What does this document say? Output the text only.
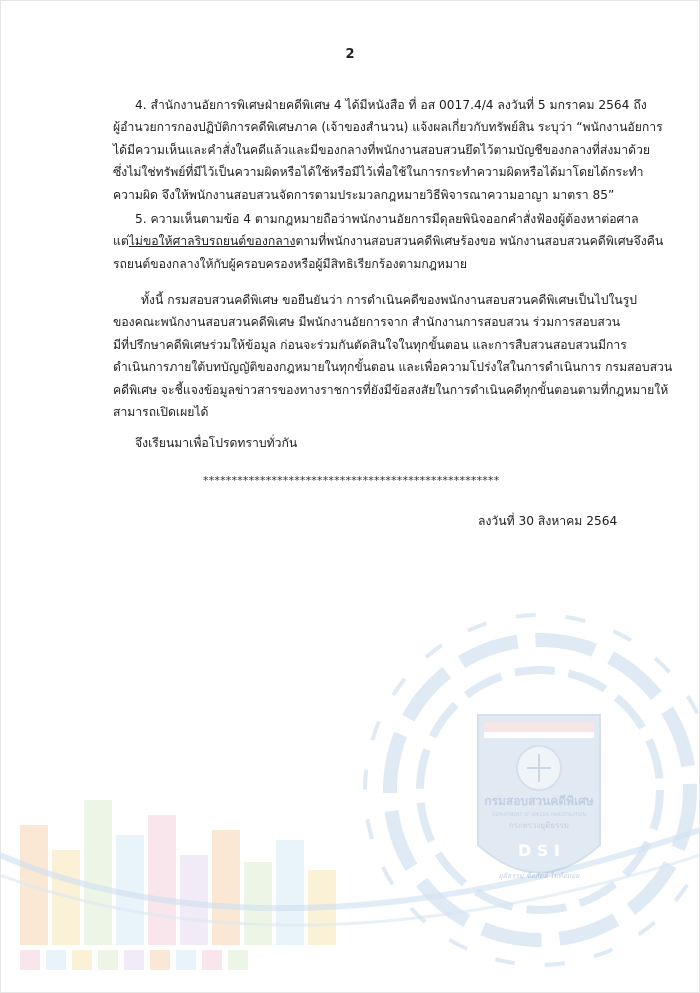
2

4. สำนักงานอัยการพิเศษฝ่ายคดีพิเศษ 4 ได้มีหนังสือ ที่ อส 0017.4/4 ลงวันที่ 5 มกราคม 2564 ถึง
ผู้อำนวยการกองปฏิบัติการคดีพิเศษภาค (เจ้าของสำนวน) แจ้งผลเกี่ยวกับทรัพย์สิน ระบุว่า “พนักงานอัยการ
ได้มีความเห็นและคำสั่งในคดีแล้วและมีของกลางที่พนักงานสอบสวนยึดไว้ตามบัญชีของกลางที่ส่งมาด้วย
ซึ่งไม่ใช่ทรัพย์ที่มีไว้เป็นความผิดหรือได้ใช้หรือมีไว้เพื่อใช้ในการกระทำความผิดหรือได้มาโดยได้กระทำ
ความผิด จึงให้พนักงานสอบสวนจัดการตามประมวลกฎหมายวิธีพิจารณาความอาญา มาตรา 85”

5. ความเห็นตามข้อ 4 ตามกฎหมายถือว่าพนักงานอัยการมีดุลยพินิจออกคำสั่งฟ้องผู้ต้องหาต่อศาล
แต่ไม่ขอให้ศาลริบรถยนต์ของกลางตามที่พนักงานสอบสวนคดีพิเศษร้องขอ พนักงานสอบสวนคดีพิเศษจึงคืน
รถยนต์ของกลางให้กับผู้ครอบครองหรือผู้มีสิทธิเรียกร้องตามกฎหมาย

ทั้งนี้ กรมสอบสวนคดีพิเศษ ขอยืนยันว่า การดำเนินคดีของพนักงานสอบสวนคดีพิเศษเป็นไปในรูป
ของคณะพนักงานสอบสวนคดีพิเศษ มีพนักงานอัยการจาก สำนักงานการสอบสวน ร่วมการสอบสวน
มีที่ปรึกษาคดีพิเศษร่วมให้ข้อมูล ก่อนจะร่วมกันตัดสินใจในทุกขั้นตอน และการสืบสวนสอบสวนมีการ
ดำเนินการภายใต้บทบัญญัติของกฎหมายในทุกขั้นตอน และเพื่อความโปร่งใสในการดำเนินการ กรมสอบสวน
คดีพิเศษ จะชี้แจงข้อมูลข่าวสารของทางราชการที่ยังมีข้อสงสัยในการดำเนินคดีทุกขั้นตอนตามที่กฎหมายให้
สามารถเปิดเผยได้

จึงเรียนมาเพื่อโปรดทราบทั่วกัน
****************************************************
ลงวันที่ 30 สิงหาคม 2564
กรมสอบสวนคดีพิเศษ
DEPARTMENT OF SPECIAL INVESTIGATION
กระทรวงยุติธรรม
D S I
ยุติธรรม ซื่อสัตย์ ไม่ท้อถอย
